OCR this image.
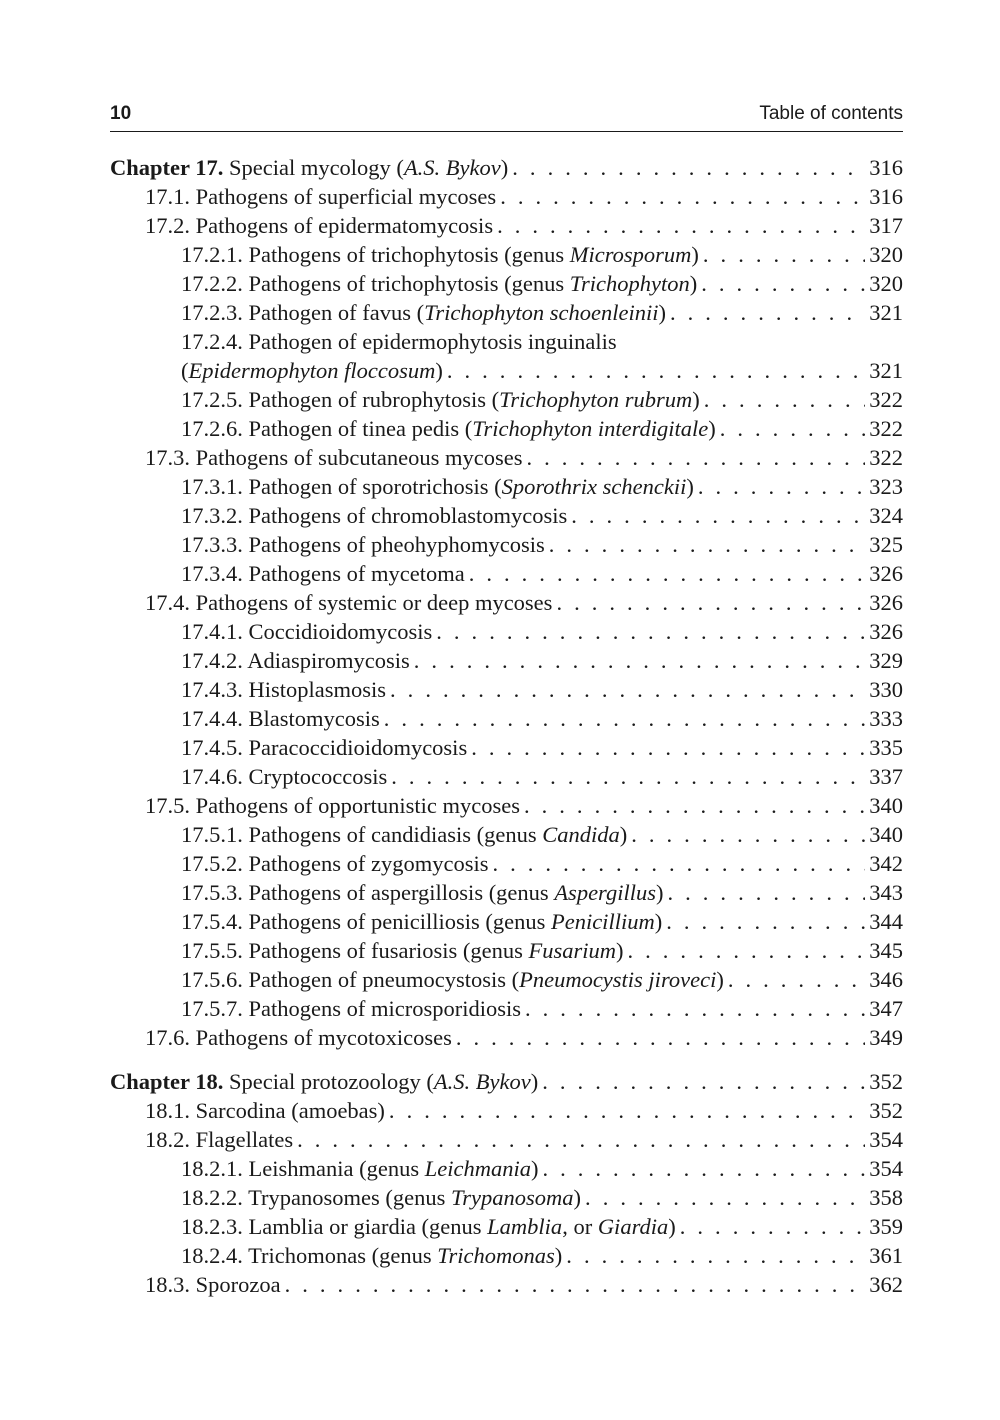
10	Table of contents
Chapter 17. Special mycology (A.S. Bykov) . . .	316
17.1. Pathogens of superficial mycoses . . .	316
17.2. Pathogens of epidermatomycosis . . .	317
17.2.1. Pathogens of trichophytosis (genus Microsporum) . . .	320
17.2.2. Pathogens of trichophytosis (genus Trichophyton) . . .	320
17.2.3. Pathogen of favus (Trichophyton schoenleinii) . . .	321
17.2.4. Pathogen of epidermophytosis inguinalis
(Epidermophyton floccosum) . . .	321
17.2.5. Pathogen of rubrophytosis (Trichophyton rubrum) . . .	322
17.2.6. Pathogen of tinea pedis (Trichophyton interdigitale) . . .	322
17.3. Pathogens of subcutaneous mycoses . . .	322
17.3.1. Pathogen of sporotrichosis (Sporothrix schenckii) . . .	323
17.3.2. Pathogens of chromoblastomycosis . . .	324
17.3.3. Pathogens of pheohyphomycosis . . .	325
17.3.4. Pathogens of mycetoma . . .	326
17.4. Pathogens of systemic or deep mycoses . . .	326
17.4.1. Coccidioidomycosis . . .	326
17.4.2. Adiaspiromycosis . . .	329
17.4.3. Histoplasmosis . . .	330
17.4.4. Blastomycosis . . .	333
17.4.5. Paracoccidioidomycosis . . .	335
17.4.6. Cryptococcosis . . .	337
17.5. Pathogens of opportunistic mycoses . . .	340
17.5.1. Pathogens of candidiasis (genus Candida) . . .	340
17.5.2. Pathogens of zygomycosis . . .	342
17.5.3. Pathogens of aspergillosis (genus Aspergillus) . . .	343
17.5.4. Pathogens of penicilliosis (genus Penicillium) . . .	344
17.5.5. Pathogens of fusariosis (genus Fusarium) . . .	345
17.5.6. Pathogen of pneumocystosis (Pneumocystis jiroveci) . . .	346
17.5.7. Pathogens of microsporidiosis . . .	347
17.6. Pathogens of mycotoxicoses . . .	349
Chapter 18. Special protozoology (A.S. Bykov) . . .	352
18.1. Sarcodina (amoebas) . . .	352
18.2. Flagellates . . .	354
18.2.1. Leishmania (genus Leichmania) . . .	354
18.2.2. Trypanosomes (genus Trypanosoma) . . .	358
18.2.3. Lamblia or giardia (genus Lamblia, or Giardia) . . .	359
18.2.4. Trichomonas (genus Trichomonas) . . .	361
18.3. Sporozoa . . .	362
